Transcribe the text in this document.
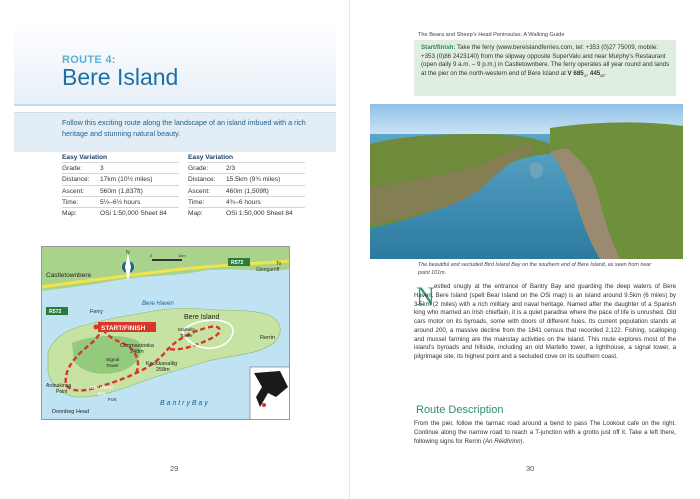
ROUTE 4:
Bere Island
Follow this exciting route along the landscape of an island imbued with a rich heritage and stunning natural beauty.
Easy Variation
Grade:	3
Distance:	17km (10½ miles)
Ascent:	560m (1,837ft)
Time:	5½–6½ hours
Map:	OSi 1:50,000 Sheet 84
Easy Variation
Grade:	2/3
Distance:	15.5km (9¾ miles)
Ascent:	460m (1,509ft)
Time:	4¾–6 hours
Map:	OSi 1:50,000 Sheet 84
N	0	1km
R572
R572
To
Glengarriff
Castletownbere
Bere Haven
Ferry
Bere Island
START/FINISH	Martello
Tower	Rerrin
Coomastooka
248m
Signal
Tower	Knockanallig
258m
Ardnakinna
Point
Bird Island
Bay
Fort
Doonbeg Head
B a n t r y B a y
29
The Beara and Sheep’s Head Peninsulas: A Walking Guide
Start/finish: Take the ferry (www.bereislandferries.com, tel: +353 (0)27 75009, mobile: +353 (0)86 2423140) from the slipway opposite SuperValu and near Murphy’s Restaurant (open daily 9 a.m. – 9 p.m.) in Castletownbere. The ferry operates all year round and lands at the pier on the north-western end of Bere Island at V $685_{47}$ $445_{85}$.
The beautiful and secluded Bird Island Bay on the southern end of Bere Island, as seen from near point 101m.
N estled snugly at the entrance of Bantry Bay and guarding the deep waters of Bere Haven, Bere Island (spelt Bear Island on the OSi map) is an island around 9.5km (6 miles) by 3.5km (2 miles) with a rich military and naval heritage. Named after the daughter of a Spanish king who married an Irish chieftain, it is a quiet paradise where the pace of life is unrushed. Old cars motor on its byroads, some with doors of different hues. Its current population stands at around 200, a massive decline from the 1841 census that recorded 2,122. Fishing, scalloping and mussel farming are the mainstay activities on the island. This route explores most of the island’s byroads and hillside, including an old Martello tower, a lighthouse, a signal tower, a pilgrimage site, its highest point and a secluded cove on its southern coast.
Route Description
From the pier, follow the tarmac road around a bend to pass The Lookout cafe on the right. Continue along the narrow road to reach a T-junction with a grotto just off it. Take a left there, following signs for Rerrin (An Réidhrinn).
30
